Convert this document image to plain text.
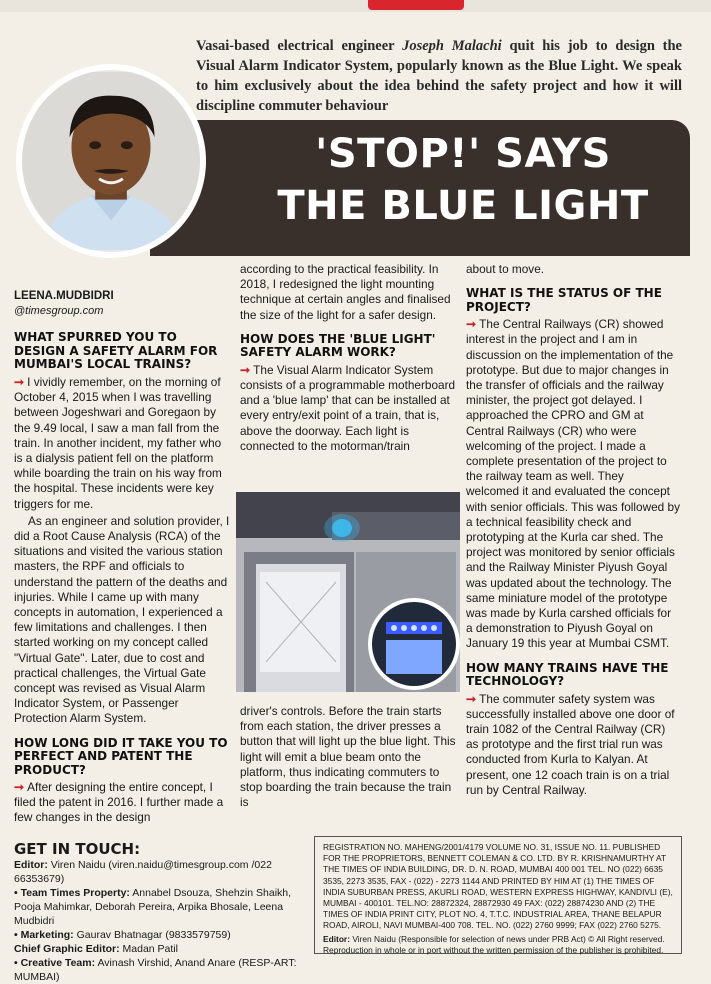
Vasai-based electrical engineer Joseph Malachi quit his job to design the Visual Alarm Indicator System, popularly known as the Blue Light. We speak to him exclusively about the idea behind the safety project and how it will discipline commuter behaviour
'STOP!' SAYS
THE BLUE LIGHT
LEENA.MUDBIDRI
@timesgroup.com
WHAT SPURRED YOU TO DESIGN A SAFETY ALARM FOR MUMBAI'S LOCAL TRAINS?

➞ I vividly remember, on the morning of October 4, 2015 when I was travelling between Jogeshwari and Goregaon by the 9.49 local, I saw a man fall from the train. In another incident, my father who is a dialysis patient fell on the platform while boarding the train on his way from the hospital. These incidents were key triggers for me.

As an engineer and solution provider, I did a Root Cause Analysis (RCA) of the situations and visited the various station masters, the RPF and officials to understand the pattern of the deaths and injuries. While I came up with many concepts in automation, I experienced a few limitations and challenges. I then started working on my concept called "Virtual Gate". Later, due to cost and practical challenges, the Virtual Gate concept was revised as Visual Alarm Indicator System, or Passenger Protection Alarm System.

HOW LONG DID IT TAKE YOU TO PERFECT AND PATENT THE PRODUCT?

➞ After designing the entire concept, I filed the patent in 2016. I further made a few changes in the design

according to the practical feasibility. In 2018, I redesigned the light mounting technique at certain angles and finalised the size of the light for a safer design.

HOW DOES THE 'BLUE LIGHT' SAFETY ALARM WORK?

➞ The Visual Alarm Indicator System consists of a programmable motherboard and a 'blue lamp' that can be installed at every entry/exit point of a train, that is, above the doorway. Each light is connected to the motorman/train

driver's controls. Before the train starts from each station, the driver presses a button that will light up the blue light. This light will emit a blue beam onto the platform, thus indicating commuters to stop boarding the train because the train is

about to move.

WHAT IS THE STATUS OF THE PROJECT?

➞ The Central Railways (CR) showed interest in the project and I am in discussion on the implementation of the prototype. But due to major changes in the transfer of officials and the railway minister, the project got delayed. I approached the CPRO and GM at Central Railways (CR) who were welcoming of the project. I made a complete presentation of the project to the railway team as well. They welcomed it and evaluated the concept with senior officials. This was followed by a technical feasibility check and prototyping at the Kurla car shed. The project was monitored by senior officials and the Railway Minister Piyush Goyal was updated about the technology. The same miniature model of the prototype was made by Kurla carshed officials for a demonstration to Piyush Goyal on January 19 this year at Mumbai CSMT.

HOW MANY TRAINS HAVE THE TECHNOLOGY?

➞ The commuter safety system was successfully installed above one door of train 1082 of the Central Railway (CR) as prototype and the first trial run was conducted from Kurla to Kalyan. At present, one 12 coach train is on a trial run by Central Railway.

GET IN TOUCH:
Editor: Viren Naidu (viren.naidu@timesgroup.com /022 66353679)
• Team Times Property: Annabel Dsouza, Shehzin Shaikh, Pooja Mahimkar, Deborah Pereira, Arpika Bhosale, Leena Mudbidri
• Marketing: Gaurav Bhatnagar (9833579759)
Chief Graphic Editor: Madan Patil
• Creative Team: Avinash Virshid, Anand Anare (RESP-ART: MUMBAI)
REGISTRATION NO. MAHENG/2001/4179 VOLUME NO. 31, ISSUE NO. 11. PUBLISHED FOR THE PROPRIETORS, BENNETT COLEMAN & CO. LTD. BY R. KRISHNAMURTHY AT THE TIMES OF INDIA BUILDING, DR. D. N. ROAD, MUMBAI 400 001 TEL. NO (022) 6635 3535, 2273 3535, FAX - (022) - 2273 1144 AND PRINTED BY HIM AT (1) THE TIMES OF INDIA SUBURBAN PRESS, AKURLI ROAD, WESTERN EXPRESS HIGHWAY, KANDIVLI (E), MUMBAI - 400101. TEL.NO: 28872324, 28872930 49 FAX: (022) 28874230 AND (2) THE TIMES OF INDIA PRINT CITY, PLOT NO. 4, T.T.C. INDUSTRIAL AREA, THANE BELAPUR ROAD, AIROLI, NAVI MUMBAI-400 708. TEL. NO. (022) 2760 9999; FAX (022) 2760 5275.
Editor: Viren Naidu (Responsible for selection of news under PRB Act) © All Right reserved. Reproduction in whole or in port without the written permission of the publisher is prohibited.
